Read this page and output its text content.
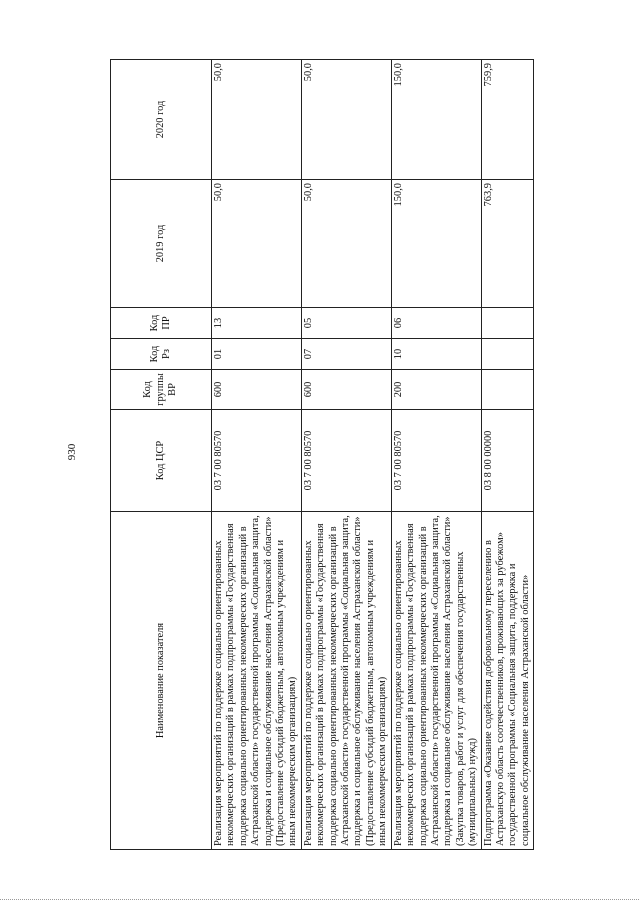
930
Наименование показателя	Код ЦСР	Код группы ВР	Код Рз	Код ПР	2019 год	2020 год
Реализация мероприятий по поддержке социально ориентированных некоммерческих организаций в рамках подпрограммы «Государственная поддержка социально ориентированных некоммерческих организаций в Астраханской области» государственной программы «Социальная защита, поддержка и социальное обслуживание населения Астраханской области» (Предоставление субсидий бюджетным, автономным учреждениям и иным некоммерческим организациям)	03 7 00 80570	600	01	13	50,0	50,0
Реализация мероприятий по поддержке социально ориентированных некоммерческих организаций в рамках подпрограммы «Государственная поддержка социально ориентированных некоммерческих организаций в Астраханской области» государственной программы «Социальная защита, поддержка и социальное обслуживание населения Астраханской области» (Предоставление субсидий бюджетным, автономным учреждениям и иным некоммерческим организациям)	03 7 00 80570	600	07	05	50,0	50,0
Реализация мероприятий по поддержке социально ориентированных некоммерческих организаций в рамках подпрограммы «Государственная поддержка социально ориентированных некоммерческих организаций в Астраханской области» государственной программы «Социальная защита, поддержка и социальное обслуживание населения Астраханской области» (Закупка товаров, работ и услуг для обеспечения государственных (муниципальных) нужд)	03 7 00 80570	200	10	06	150,0	150,0
Подпрограмма «Оказание содействия добровольному переселению в Астраханскую область соотечественников, проживающих за рубежом» государственной программы «Социальная защита, поддержка и социальное обслуживание населения Астраханской области»	03 8 00 00000				763,9	759,9
